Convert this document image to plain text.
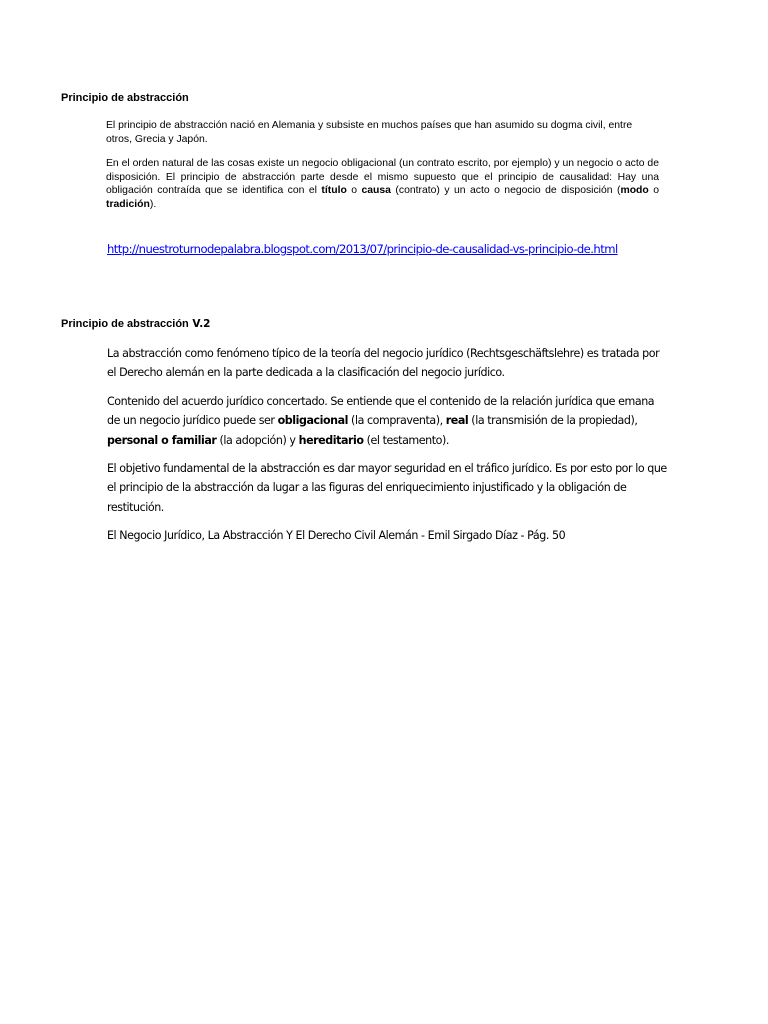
Principio de abstracción

El principio de abstracción nació en Alemania y subsiste en muchos países que han asumido su dogma civil, entre otros, Grecia y Japón.

En el orden natural de las cosas existe un negocio obligacional (un contrato escrito, por ejemplo) y un negocio o acto de disposición. El principio de abstracción parte desde el mismo supuesto que el principio de causalidad: Hay una obligación contraída que se identifica con el título o causa (contrato) y un acto o negocio de disposición (modo o tradición).

http://nuestroturnodepalabra.blogspot.com/2013/07/principio-de-causalidad-vs-principio-de.html
Principio de abstracción V.2

La abstracción como fenómeno típico de la teoría del negocio jurídico (Rechtsgeschäftslehre) es tratada por el Derecho alemán en la parte dedicada a la clasificación del negocio jurídico.

Contenido del acuerdo jurídico concertado. Se entiende que el contenido de la relación jurídica que emana de un negocio jurídico puede ser obligacional (la compraventa), real (la transmisión de la propiedad), personal o familiar (la adopción) y hereditario (el testamento).

El objetivo fundamental de la abstracción es dar mayor seguridad en el tráfico jurídico. Es por esto por lo que el principio de la abstracción da lugar a las figuras del enriquecimiento injustificado y la obligación de restitución.

El Negocio Jurídico, La Abstracción Y El Derecho Civil Alemán - Emil Sirgado Díaz - Pág. 50
